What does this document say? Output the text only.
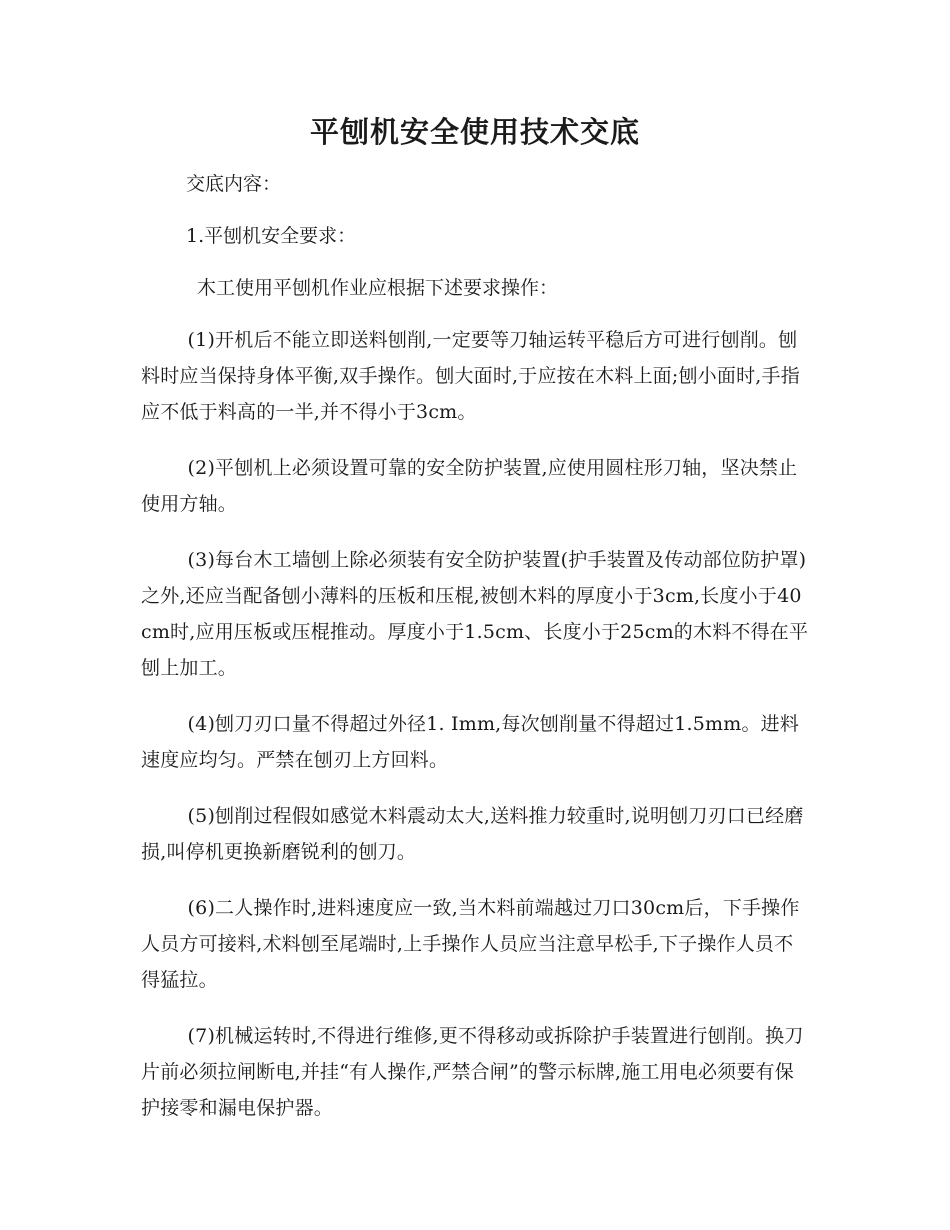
平刨机安全使用技术交底

交底内容：

1.平刨机安全要求：

木工使用平刨机作业应根据下述要求操作：

(1)开机后不能立即送料刨削,一定要等刀轴运转平稳后方可进行刨削。刨料时应当保持身体平衡,双手操作。刨大面时,于应按在木料上面;刨小面时,手指应不低于料高的一半,并不得小于3cm。

(2)平刨机上必须设置可靠的安全防护装置,应使用圆柱形刀轴，坚决禁止使用方轴。

(3)每台木工墙刨上除必须装有安全防护装置(护手装置及传动部位防护罩)之外,还应当配备刨小薄料的压板和压棍,被刨木料的厚度小于3cm,长度小于40cm时,应用压板或压棍推动。厚度小于1.5cm、长度小于25cm的木料不得在平刨上加工。

(4)刨刀刃口量不得超过外径1. Imm,每次刨削量不得超过1.5mm。进料速度应均匀。严禁在刨刃上方回料。

(5)刨削过程假如感觉木料震动太大,送料推力较重时,说明刨刀刃口已经磨损,叫停机更换新磨锐利的刨刀。

(6)二人操作时,进料速度应一致,当木料前端越过刀口30cm后，下手操作人员方可接料,术料刨至尾端时,上手操作人员应当注意早松手,下子操作人员不得猛拉。

(7)机械运转时,不得进行维修,更不得移动或拆除护手装置进行刨削。换刀片前必须拉闸断电,并挂“有人操作,严禁合闸”的警示标牌,施工用电必须要有保护接零和漏电保护器。
